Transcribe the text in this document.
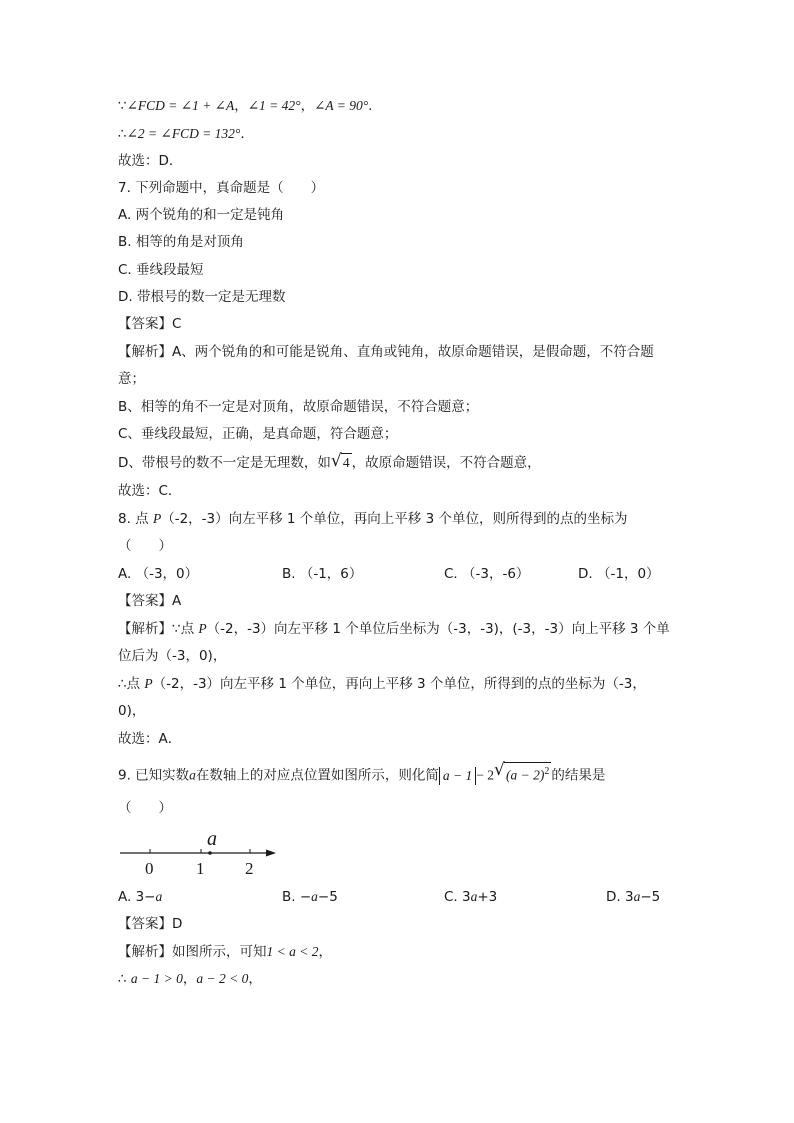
∵∠FCD = ∠1 + ∠A，∠1 = 42°，∠A = 90°.
∴∠2 = ∠FCD = 132°.
故选：D．
7. 下列命题中，真命题是（　　）
A. 两个锐角的和一定是钝角
B. 相等的角是对顶角
C. 垂线段最短
D. 带根号的数一定是无理数
【答案】C
【解析】A、两个锐角的和可能是锐角、直角或钝角，故原命题错误，是假命题，不符合题
意；
B、相等的角不一定是对顶角，故原命题错误，不符合题意；
C、垂线段最短，正确，是真命题，符合题意；
D、带根号的数不一定是无理数，如 √ 4 ，故原命题错误，不符合题意，
故选：C．
8. 点 P（-2，-3）向左平移 1 个单位，再向上平移 3 个单位，则所得到的点的坐标为
（　　）
A. （-3，0）	B. （-1，6）	C. （-3，-6）	D. （-1，0）
【答案】A
【解析】∵点 P（-2，-3）向左平移 1 个单位后坐标为（-3，-3)，(-3，-3）向上平移 3 个单
位后为（-3，0)，
∴点 P（-2，-3）向左平移 1 个单位，再向上平移 3 个单位，所得到的点的坐标为（-3，
0)，
故选：A．
9. 已知实数a在数轴上的对应点位置如图所示，则化简 a − 1 − 2 √ $(a - 2)^2$ 的结果是
（　　）
a
0	1 2
A. 3−a	B. −a−5	C. 3a+3	D. 3a−5
【答案】D
【解析】如图所示，可知1 < a < 2，
∴ a − 1 > 0，a − 2 < 0，
